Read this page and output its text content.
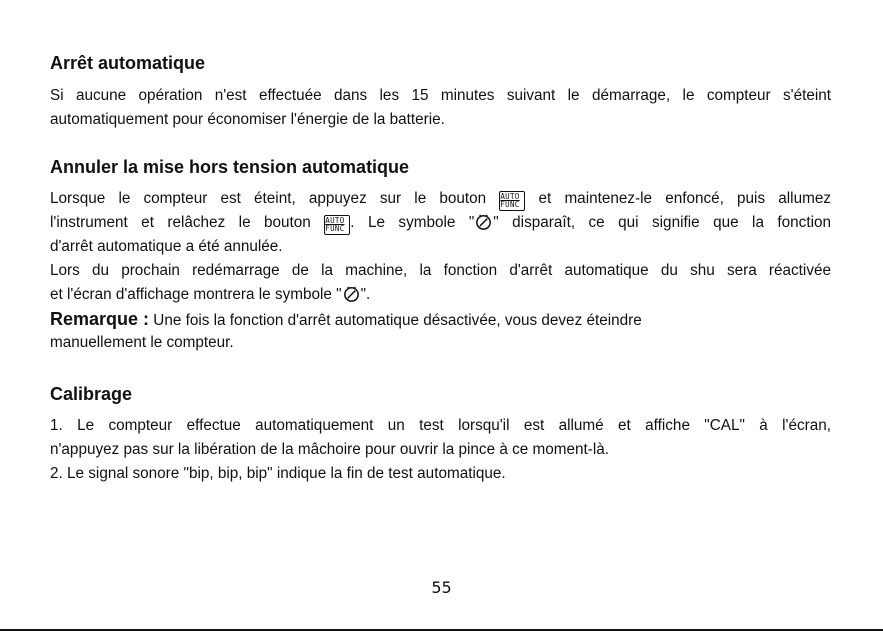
Arrêt automatique
Si aucune opération n'est effectuée dans les 15 minutes suivant le démarrage, le compteur s'éteint
automatiquement pour économiser l'énergie de la batterie.
Annuler la mise hors tension automatique
Lorsque le compteur est éteint, appuyez sur le bouton AUTO
FUNC et maintenez-le enfoncé, puis allumez
l'instrument et relâchez le bouton AUTO
FUNC . Le symbole " " disparaît, ce qui signifie que la fonction
d'arrêt automatique a été annulée.
Lors du prochain redémarrage de la machine, la fonction d'arrêt automatique du shu sera réactivée
et l'écran d'affichage montrera le symbole " ".
Remarque : Une fois la fonction d'arrêt automatique désactivée, vous devez éteindre
manuellement le compteur.
Calibrage
1. Le compteur effectue automatiquement un test lorsqu'il est allumé et affiche "CAL" à l'écran,
n'appuyez pas sur la libération de la mâchoire pour ouvrir la pince à ce moment-là.
2. Le signal sonore "bip, bip, bip" indique la fin de test automatique.
55
